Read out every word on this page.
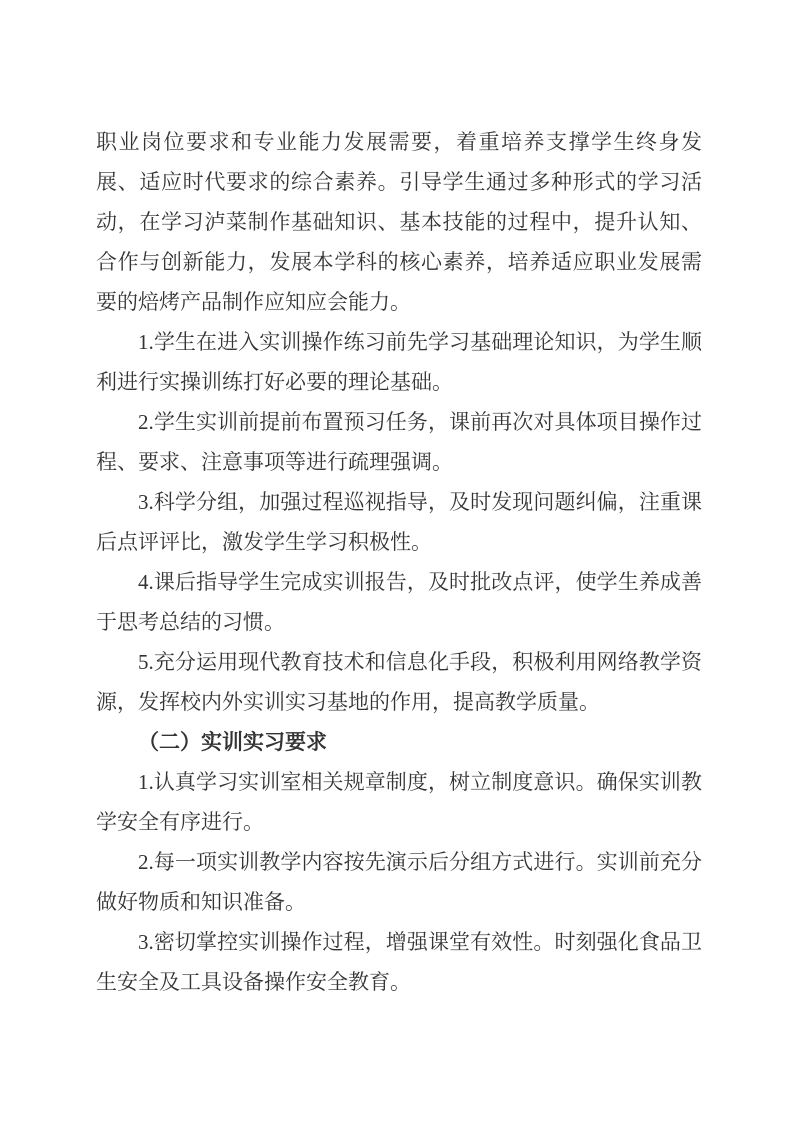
职业岗位要求和专业能力发展需要，着重培养支撑学生终身发展、适应时代要求的综合素养。引导学生通过多种形式的学习活动，在学习泸菜制作基础知识、基本技能的过程中，提升认知、合作与创新能力，发展本学科的核心素养，培养适应职业发展需要的焙烤产品制作应知应会能力。

1.学生在进入实训操作练习前先学习基础理论知识，为学生顺利进行实操训练打好必要的理论基础。

2.学生实训前提前布置预习任务，课前再次对具体项目操作过程、要求、注意事项等进行疏理强调。

3.科学分组，加强过程巡视指导，及时发现问题纠偏，注重课后点评评比，激发学生学习积极性。

4.课后指导学生完成实训报告，及时批改点评，使学生养成善于思考总结的习惯。

5.充分运用现代教育技术和信息化手段，积极利用网络教学资源，发挥校内外实训实习基地的作用，提高教学质量。

（二）实训实习要求

1.认真学习实训室相关规章制度，树立制度意识。确保实训教学安全有序进行。

2.每一项实训教学内容按先演示后分组方式进行。实训前充分做好物质和知识准备。

3.密切掌控实训操作过程，增强课堂有效性。时刻强化食品卫生安全及工具设备操作安全教育。
